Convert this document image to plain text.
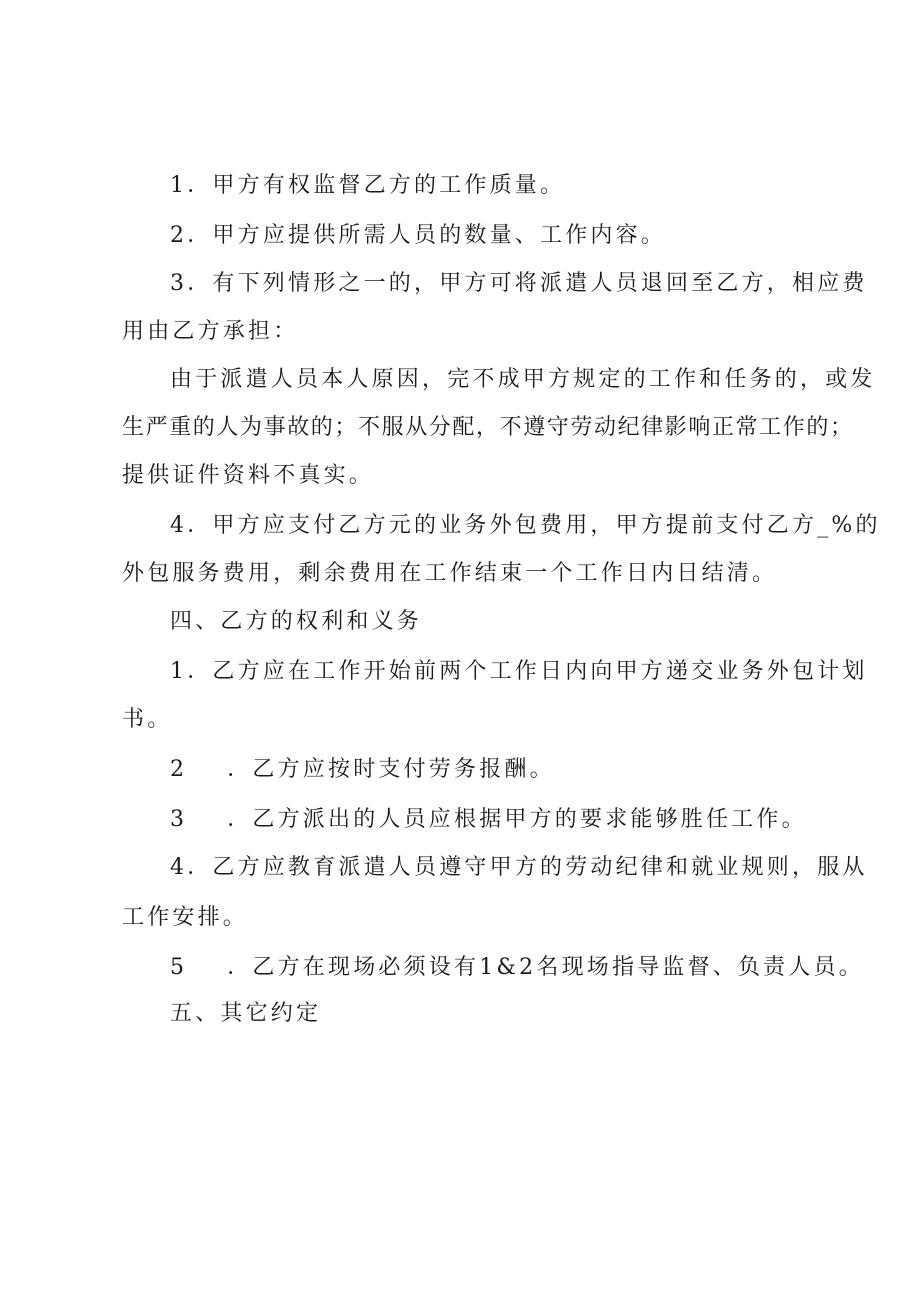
1．甲方有权监督乙方的工作质量。
2．甲方应提供所需人员的数量、工作内容。
3．有下列情形之一的，甲方可将派遣人员退回至乙方，相应费
用由乙方承担：
由于派遣人员本人原因，完不成甲方规定的工作和任务的，或发
生严重的人为事故的；不服从分配，不遵守劳动纪律影响正常工作的；
提供证件资料不真实。
4．甲方应支付乙方元的业务外包费用，甲方提前支付乙方_%的
外包服务费用，剩余费用在工作结束一个工作日内日结清。
四、乙方的权利和义务
1．乙方应在工作开始前两个工作日内向甲方递交业务外包计划
书。
2 ．乙方应按时支付劳务报酬。
3 ．乙方派出的人员应根据甲方的要求能够胜任工作。
4．乙方应教育派遣人员遵守甲方的劳动纪律和就业规则，服从
工作安排。
5 ．乙方在现场必须设有1&2名现场指导监督、负责人员。
五、其它约定
